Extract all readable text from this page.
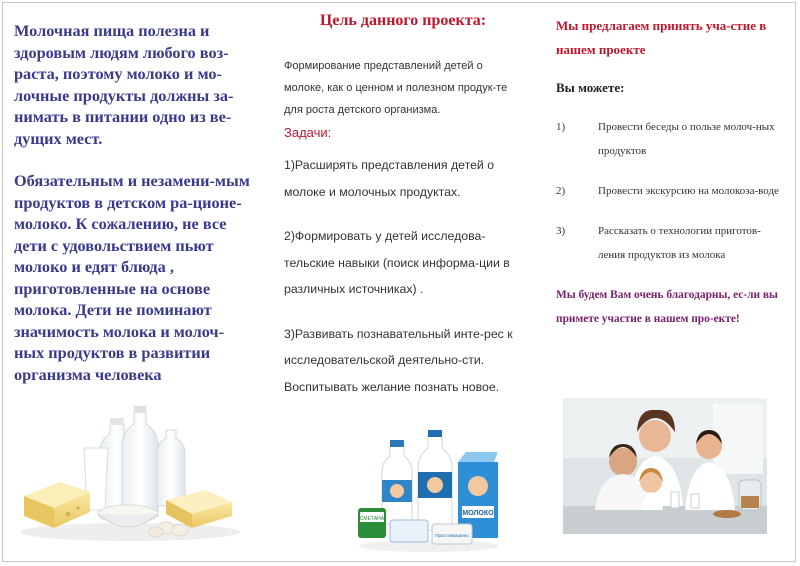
Молочная пища полезна и здоровым людям любого воз-раста, поэтому молоко и мо-лочные продукты должны за-нимать в питании одно из ве-дущих мест.

Обязательным и незамени-мым продуктов в детском ра-ционе-молоко. К сожалению, не все дети с удовольствием пьют молоко и едят блюда , приготовленные на основе молока. Дети не поминают значимость молока и молоч-ных продуктов в развитии организма человека

Цель данного проекта:

Формирование представлений детей о молоке, как о ценном и полезном продук-те для роста детского организма.

Задачи:

1)Расширять представления детей о молоке и молочных продуктах.

2)Формировать у детей исследова-тельские навыки (поиск информа-ции в различных источниках) .

3)Развивать познавательный инте-рес к исследовательской деятельно-сти. Воспитывать желание познать новое.

Мы предлагаем принять уча-стие в нашем проекте

Вы можете:

1)	Провести беседы о пользе молоч-ных продуктов
2)	Провести экскурсию на молокоза-воде
3)	Рассказать о технологии приготов-ления продуктов из молока

Мы будем Вам очень благодарны, ес-ли вы примете участие в нашем про-екте!

МОЛОКО
СМЕТАНА
Простоквашино
